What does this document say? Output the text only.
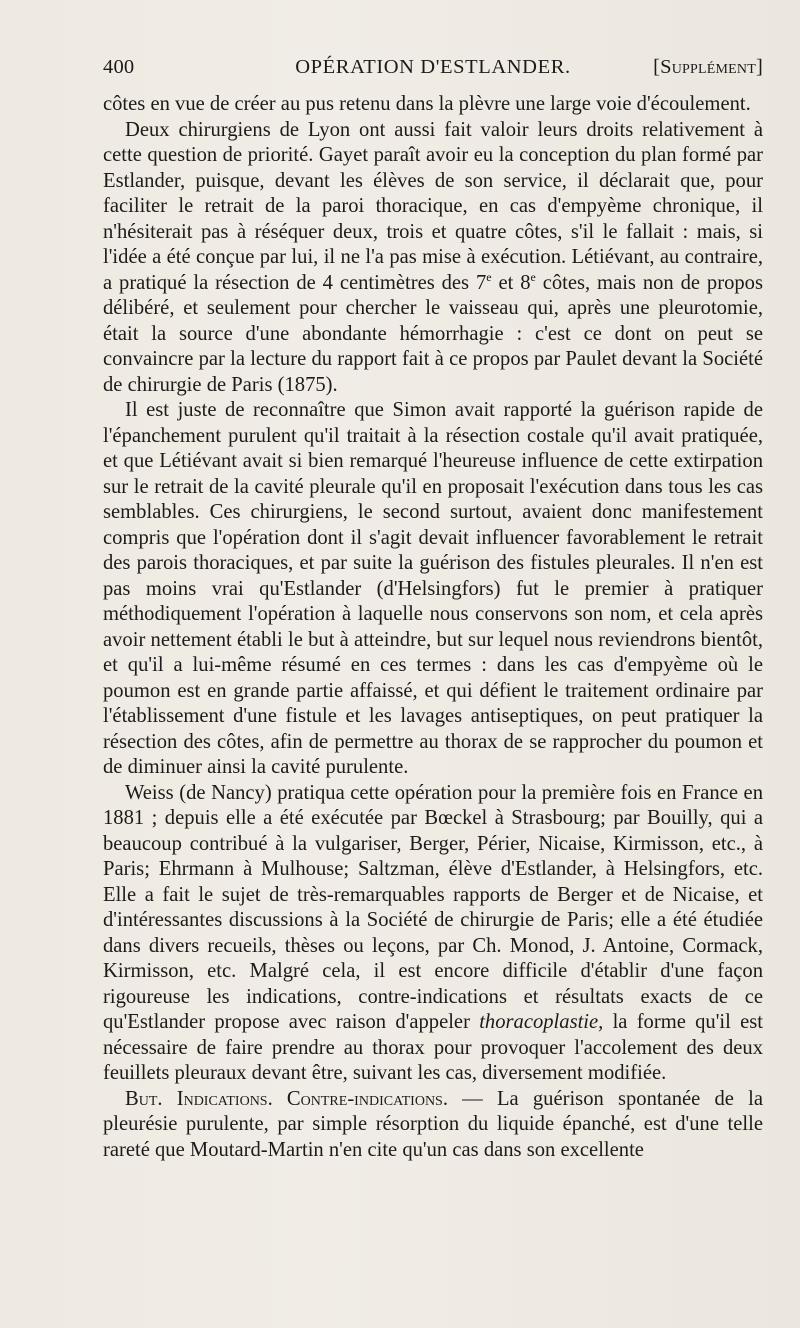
400	OPÉRATION D'ESTLANDER.	[Supplément]

côtes en vue de créer au pus retenu dans la plèvre une large voie d'écoulement.

Deux chirurgiens de Lyon ont aussi fait valoir leurs droits relativement à cette question de priorité. Gayet paraît avoir eu la conception du plan formé par Estlander, puisque, devant les élèves de son service, il déclarait que, pour faciliter le retrait de la paroi thoracique, en cas d'empyème chronique, il n'hésiterait pas à réséquer deux, trois et quatre côtes, s'il le fallait : mais, si l'idée a été conçue par lui, il ne l'a pas mise à exécution. Létiévant, au contraire, a pratiqué la résection de 4 centimètres des 7e et 8e côtes, mais non de propos délibéré, et seulement pour chercher le vaisseau qui, après une pleurotomie, était la source d'une abondante hémorrhagie : c'est ce dont on peut se convaincre par la lecture du rapport fait à ce propos par Paulet devant la Société de chirurgie de Paris (1875).

Il est juste de reconnaître que Simon avait rapporté la guérison rapide de l'épanchement purulent qu'il traitait à la résection costale qu'il avait pratiquée, et que Létiévant avait si bien remarqué l'heureuse influence de cette extirpation sur le retrait de la cavité pleurale qu'il en proposait l'exécution dans tous les cas semblables. Ces chirurgiens, le second surtout, avaient donc manifestement compris que l'opération dont il s'agit devait influencer favorablement le retrait des parois thoraciques, et par suite la guérison des fistules pleurales. Il n'en est pas moins vrai qu'Estlander (d'Helsingfors) fut le premier à pratiquer méthodiquement l'opération à laquelle nous conservons son nom, et cela après avoir nettement établi le but à atteindre, but sur lequel nous reviendrons bientôt, et qu'il a lui-même résumé en ces termes : dans les cas d'empyème où le poumon est en grande partie affaissé, et qui défient le traitement ordinaire par l'établissement d'une fistule et les lavages antiseptiques, on peut pratiquer la résection des côtes, afin de permettre au thorax de se rapprocher du poumon et de diminuer ainsi la cavité purulente.

Weiss (de Nancy) pratiqua cette opération pour la première fois en France en 1881 ; depuis elle a été exécutée par Bœckel à Strasbourg; par Bouilly, qui a beaucoup contribué à la vulgariser, Berger, Périer, Nicaise, Kirmisson, etc., à Paris; Ehrmann à Mulhouse; Saltzman, élève d'Estlander, à Helsingfors, etc. Elle a fait le sujet de très-remarquables rapports de Berger et de Nicaise, et d'intéressantes discussions à la Société de chirurgie de Paris; elle a été étudiée dans divers recueils, thèses ou leçons, par Ch. Monod, J. Antoine, Cormack, Kirmisson, etc. Malgré cela, il est encore difficile d'établir d'une façon rigoureuse les indications, contre-indications et résultats exacts de ce qu'Estlander propose avec raison d'appeler thoracoplastie, la forme qu'il est nécessaire de faire prendre au thorax pour provoquer l'accolement des deux feuillets pleuraux devant être, suivant les cas, diversement modifiée.

But. Indications. Contre-indications. — La guérison spontanée de la pleurésie purulente, par simple résorption du liquide épanché, est d'une telle rareté que Moutard-Martin n'en cite qu'un cas dans son excellente
